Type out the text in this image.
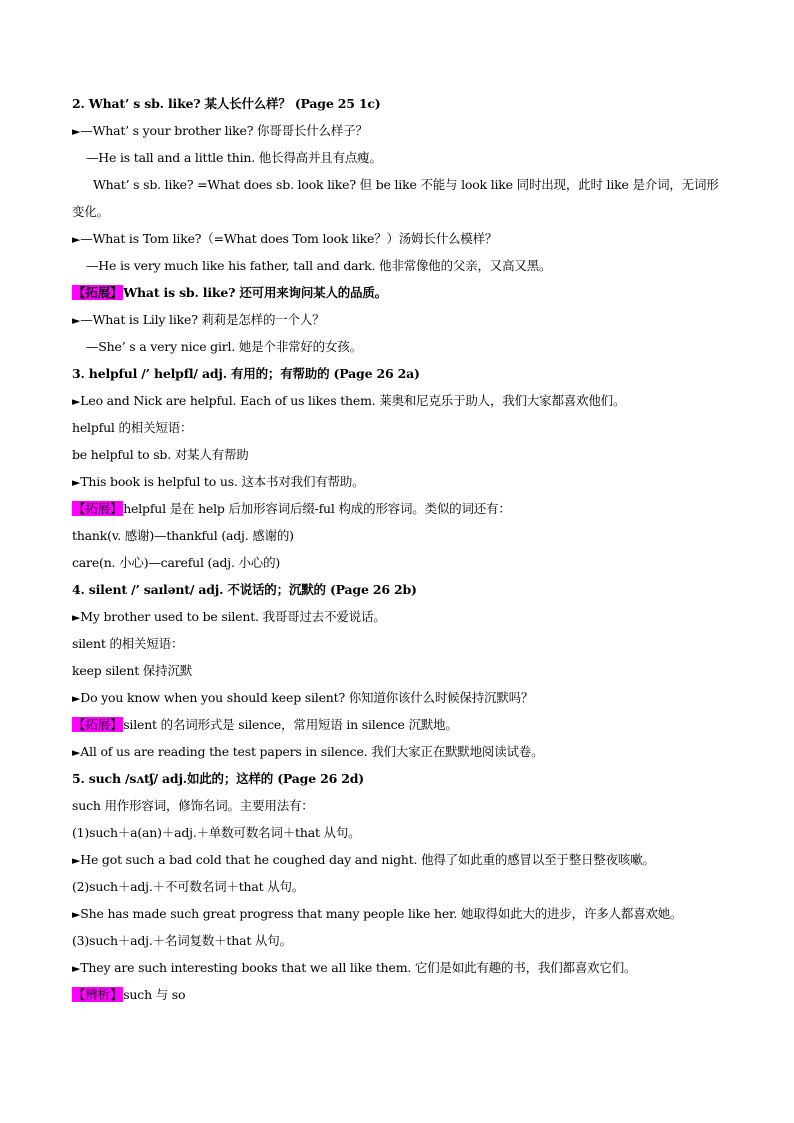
2. What’ s sb. like? 某人长什么样？ (Page 25 1c)
►—What’ s your brother like? 你哥哥长什么样子？
—He is tall and a little thin. 他长得高并且有点瘦。
What’ s sb. like? =What does sb. look like? 但 be like 不能与 look like 同时出现，此时 like 是介词，无词形
变化。
►—What is Tom like?（=What does Tom look like？）汤姆长什么模样？
—He is very much like his father, tall and dark. 他非常像他的父亲，又高又黑。
【拓展】What is sb. like? 还可用来询问某人的品质。
►—What is Lily like? 莉莉是怎样的一个人？
—She’ s a very nice girl. 她是个非常好的女孩。
3. helpful /’ helpfl/ adj. 有用的；有帮助的 (Page 26 2a)
►Leo and Nick are helpful. Each of us likes them. 莱奥和尼克乐于助人，我们大家都喜欢他们。
helpful 的相关短语：
be helpful to sb. 对某人有帮助
►This book is helpful to us. 这本书对我们有帮助。
【拓展】helpful 是在 help 后加形容词后缀-ful 构成的形容词。类似的词还有：
thank(v. 感谢)—thankful (adj. 感谢的)
care(n. 小心)—careful (adj. 小心的)
4. silent /’ saɪlənt/ adj. 不说话的；沉默的 (Page 26 2b)
►My brother used to be silent. 我哥哥过去不爱说话。
silent 的相关短语：
keep silent 保持沉默
►Do you know when you should keep silent? 你知道你该什么时候保持沉默吗？
【拓展】silent 的名词形式是 silence，常用短语 in silence 沉默地。
►All of us are reading the test papers in silence. 我们大家正在默默地阅读试卷。
5. such /sʌtʃ/ adj.如此的；这样的 (Page 26 2d)
such 用作形容词，修饰名词。主要用法有：
(1)such＋a(an)＋adj.＋单数可数名词＋that 从句。
►He got such a bad cold that he coughed day and night. 他得了如此重的感冒以至于整日整夜咳嗽。
(2)such＋adj.＋不可数名词＋that 从句。
►She has made such great progress that many people like her. 她取得如此大的进步，许多人都喜欢她。
(3)such＋adj.＋名词复数＋that 从句。
►They are such interesting books that we all like them. 它们是如此有趣的书，我们都喜欢它们。
【辨析】such 与 so
